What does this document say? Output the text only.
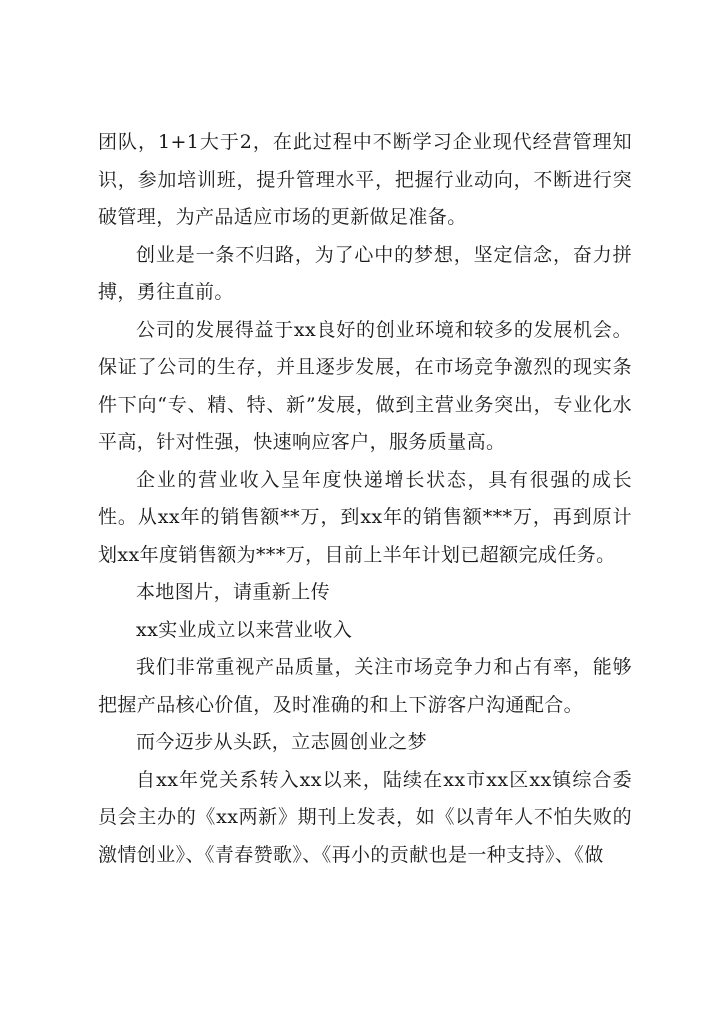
团队，1+1大于2，在此过程中不断学习企业现代经营管理知识，参加培训班，提升管理水平，把握行业动向，不断进行突破管理，为产品适应市场的更新做足准备。

创业是一条不归路，为了心中的梦想，坚定信念，奋力拼搏，勇往直前。

公司的发展得益于xx良好的创业环境和较多的发展机会。保证了公司的生存，并且逐步发展，在市场竞争激烈的现实条件下向“专、精、特、新”发展，做到主营业务突出，专业化水平高，针对性强，快速响应客户，服务质量高。

企业的营业收入呈年度快递增长状态，具有很强的成长性。从xx年的销售额**万，到xx年的销售额***万，再到原计划xx年度销售额为***万，目前上半年计划已超额完成任务。

本地图片，请重新上传

xx实业成立以来营业收入

我们非常重视产品质量，关注市场竞争力和占有率，能够把握产品核心价值，及时准确的和上下游客户沟通配合。

而今迈步从头跃，立志圆创业之梦

自xx年党关系转入xx以来，陆续在xx市xx区xx镇综合委员会主办的《xx两新》期刊上发表，如《以青年人不怕失败的激情创业》、《青春赞歌》、《再小的贡献也是一种支持》、《做
